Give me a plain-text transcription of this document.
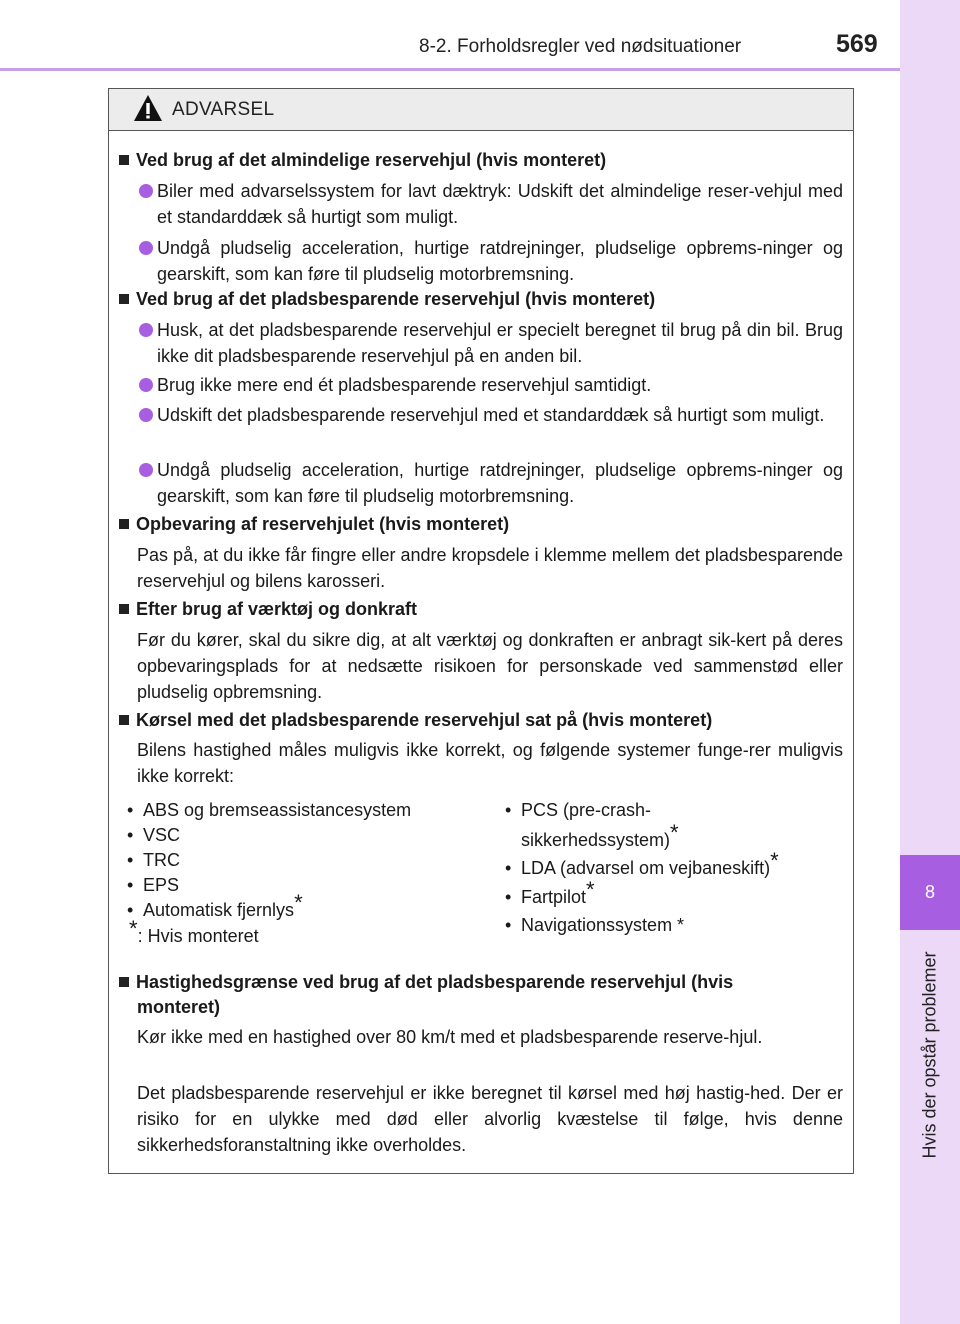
8-2. Forholdsregler ved nødsituationer	569
8
Hvis der opstår problemer
ADVARSEL
Ved brug af det almindelige reservehjul (hvis monteret)
Biler med advarselssystem for lavt dæktryk: Udskift det almindelige reser-vehjul med et standarddæk så hurtigt som muligt.
Undgå pludselig acceleration, hurtige ratdrejninger, pludselige opbrems-ninger og gearskift, som kan føre til pludselig motorbremsning.
Ved brug af det pladsbesparende reservehjul (hvis monteret)
Husk, at det pladsbesparende reservehjul er specielt beregnet til brug på din bil. Brug ikke dit pladsbesparende reservehjul på en anden bil.
Brug ikke mere end ét pladsbesparende reservehjul samtidigt.
Udskift det pladsbesparende reservehjul med et standarddæk så hurtigt som muligt.
Undgå pludselig acceleration, hurtige ratdrejninger, pludselige opbrems-ninger og gearskift, som kan føre til pludselig motorbremsning.
Opbevaring af reservehjulet (hvis monteret)
Pas på, at du ikke får fingre eller andre kropsdele i klemme mellem det pladsbesparende reservehjul og bilens karosseri.
Efter brug af værktøj og donkraft
Før du kører, skal du sikre dig, at alt værktøj og donkraften er anbragt sik-kert på deres opbevaringsplads for at nedsætte risikoen for personskade ved sammenstød eller pludselig opbremsning.
Kørsel med det pladsbesparende reservehjul sat på (hvis monteret)
Bilens hastighed måles muligvis ikke korrekt, og følgende systemer funge-rer muligvis ikke korrekt:
• ABS og bremseassistancesystem
• VSC
• TRC
• EPS
• Automatisk fjernlys*
*: Hvis monteret
• PCS (pre-crash-
sikkerhedssystem)*
• LDA (advarsel om vejbaneskift)*
• Fartpilot*
• Navigationssystem *
Hastighedsgrænse ved brug af det pladsbesparende reservehjul (hvis
monteret)
Kør ikke med en hastighed over 80 km/t med et pladsbesparende reserve-hjul.
Det pladsbesparende reservehjul er ikke beregnet til kørsel med høj hastig-hed. Der er risiko for en ulykke med død eller alvorlig kvæstelse til følge, hvis denne sikkerhedsforanstaltning ikke overholdes.
